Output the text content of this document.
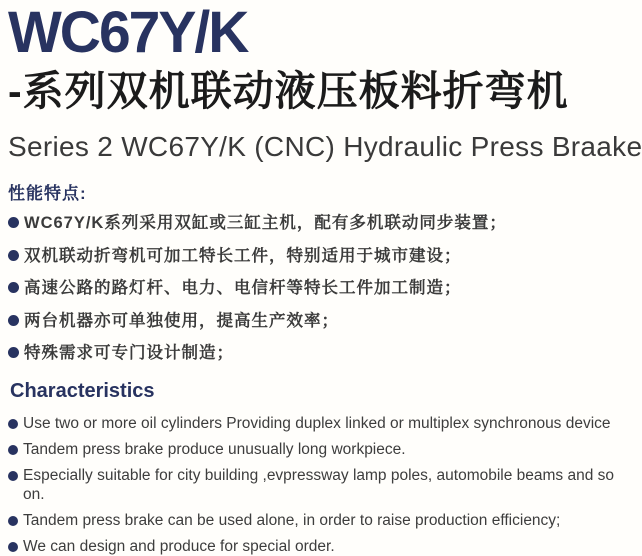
WC67Y/K
-系列双机联动液压板料折弯机
Series 2 WC67Y/K (CNC) Hydraulic Press Braake
性能特点:
WC67Y/K系列采用双缸或三缸主机，配有多机联动同步装置；
双机联动折弯机可加工特长工件，特别适用于城市建设；
高速公路的路灯杆、电力、电信杆等特长工件加工制造；
两台机器亦可单独使用，提高生产效率；
特殊需求可专门设计制造；
Characteristics
Use two or more oil cylinders Providing duplex linked or multiplex synchronous device
Tandem press brake produce unusually long workpiece.
Especially suitable for city building ,evpressway lamp poles, automobile beams and so on.
Tandem press brake can be used alone, in order to raise production efficiency;
We can design and produce for special order.
